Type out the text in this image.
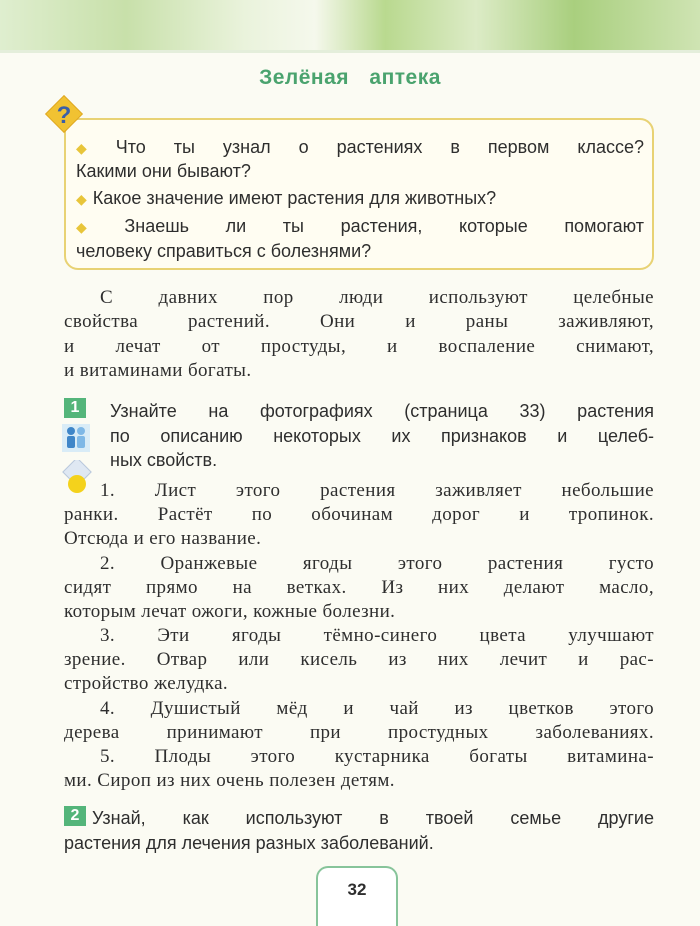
Зелёная аптека
?
◆ Что ты узнал о растениях в первом классе?
Какими они бывают?
◆ Какое значение имеют растения для животных?
◆ Знаешь ли ты растения, которые помогают
человеку справиться с болезнями?
С давних пор люди используют целебные
свойства растений. Они и раны заживляют,
и лечат от простуды, и воспаление снимают,
и витаминами богаты.
1	Узнайте на фотографиях (страница 33) растения
по описанию некоторых их признаков и целеб-
ных свойств.
1. Лист этого растения заживляет небольшие
ранки. Растёт по обочинам дорог и тропинок.
Отсюда и его название.
2. Оранжевые ягоды этого растения густо
сидят прямо на ветках. Из них делают масло,
которым лечат ожоги, кожные болезни.
3. Эти ягоды тёмно-синего цвета улучшают
зрение. Отвар или кисель из них лечит и рас-
стройство желудка.
4. Душистый мёд и чай из цветков этого
дерева принимают при простудных заболеваниях.
5. Плоды этого кустарника богаты витамина-
ми. Сироп из них очень полезен детям.
2 Узнай, как используют в твоей семье другие
растения для лечения разных заболеваний.
32
